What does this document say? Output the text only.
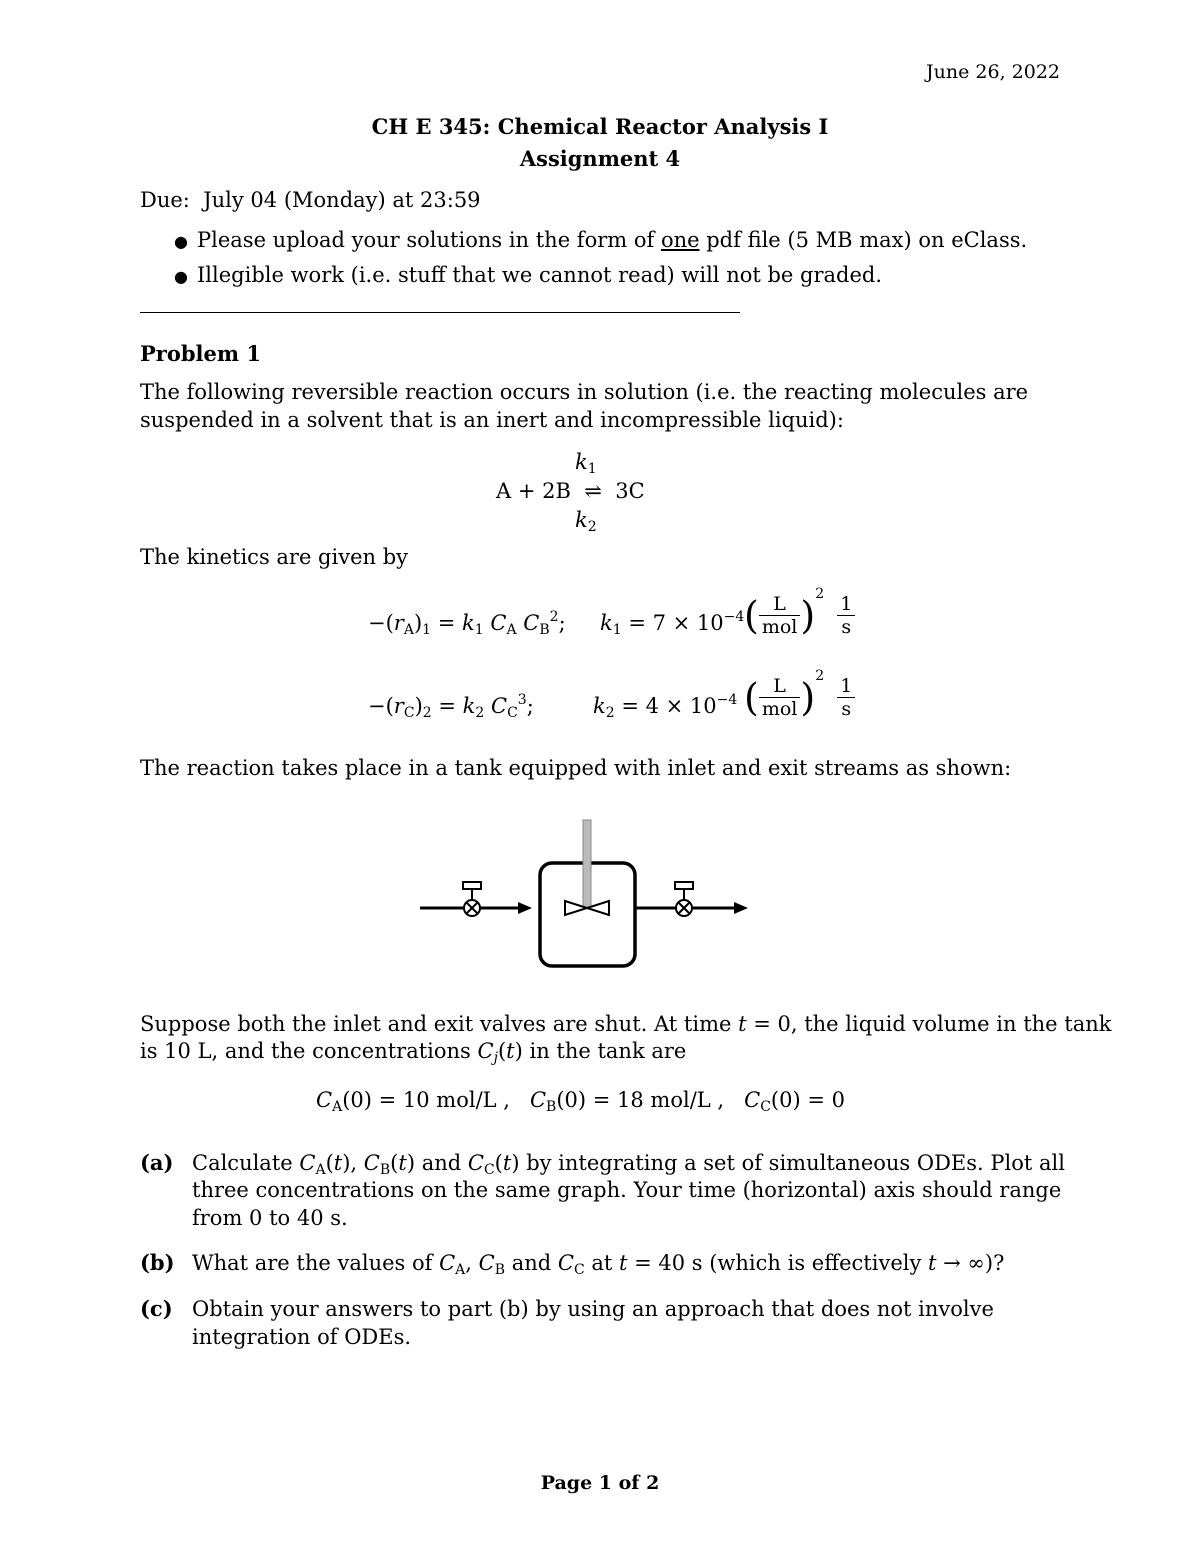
June 26, 2022
CH E 345: Chemical Reactor Analysis I
Assignment 4
Due: July 04 (Monday) at 23:59
● Please upload your solutions in the form of one pdf file (5 MB max) on eClass.
● Illegible work (i.e. stuff that we cannot read) will not be graded.
Problem 1
The following reversible reaction occurs in solution (i.e. the reacting molecules are
suspended in a solvent that is an inert and incompressible liquid):
$k_1$
A + 2B ⇌ 3C
$k_2$
The kinetics are given by
$-(r_A)_1 = k_1$ $C_A$ $C_B^2$; $k_1 = 7 \times 10^{-4}$ ( $\frac{L}{\text{mol}} )2 \frac{1}{s}$
$-(r_C)_2 = k_2$ $C_C^3$;	$k_2 = 4 \times 10^{-4}$ ( $\frac{L}{\text{mol}} )2 \frac{1}{s}$
The reaction takes place in a tank equipped with inlet and exit streams as shown:
Suppose both the inlet and exit valves are shut. At time t = 0, the liquid volume in the tank
is 10 L, and the concentrations $C_j(t)$ in the tank are
$C_A(0) = 10$ mol/L , $C_B(0) = 18$ mol/L , $C_C(0) = 0$
(a) Calculate $C_A(t)$, $C_B(t)$ and $C_C(t)$ by integrating a set of simultaneous ODEs. Plot all
three concentrations on the same graph. Your time (horizontal) axis should range
from 0 to 40 s.
(b) What are the values of $C_A$, $C_B$ and $C_C$ at t = 40 s (which is effectively t → ∞)?
(c) Obtain your answers to part (b) by using an approach that does not involve
integration of ODEs.
Page 1 of 2
